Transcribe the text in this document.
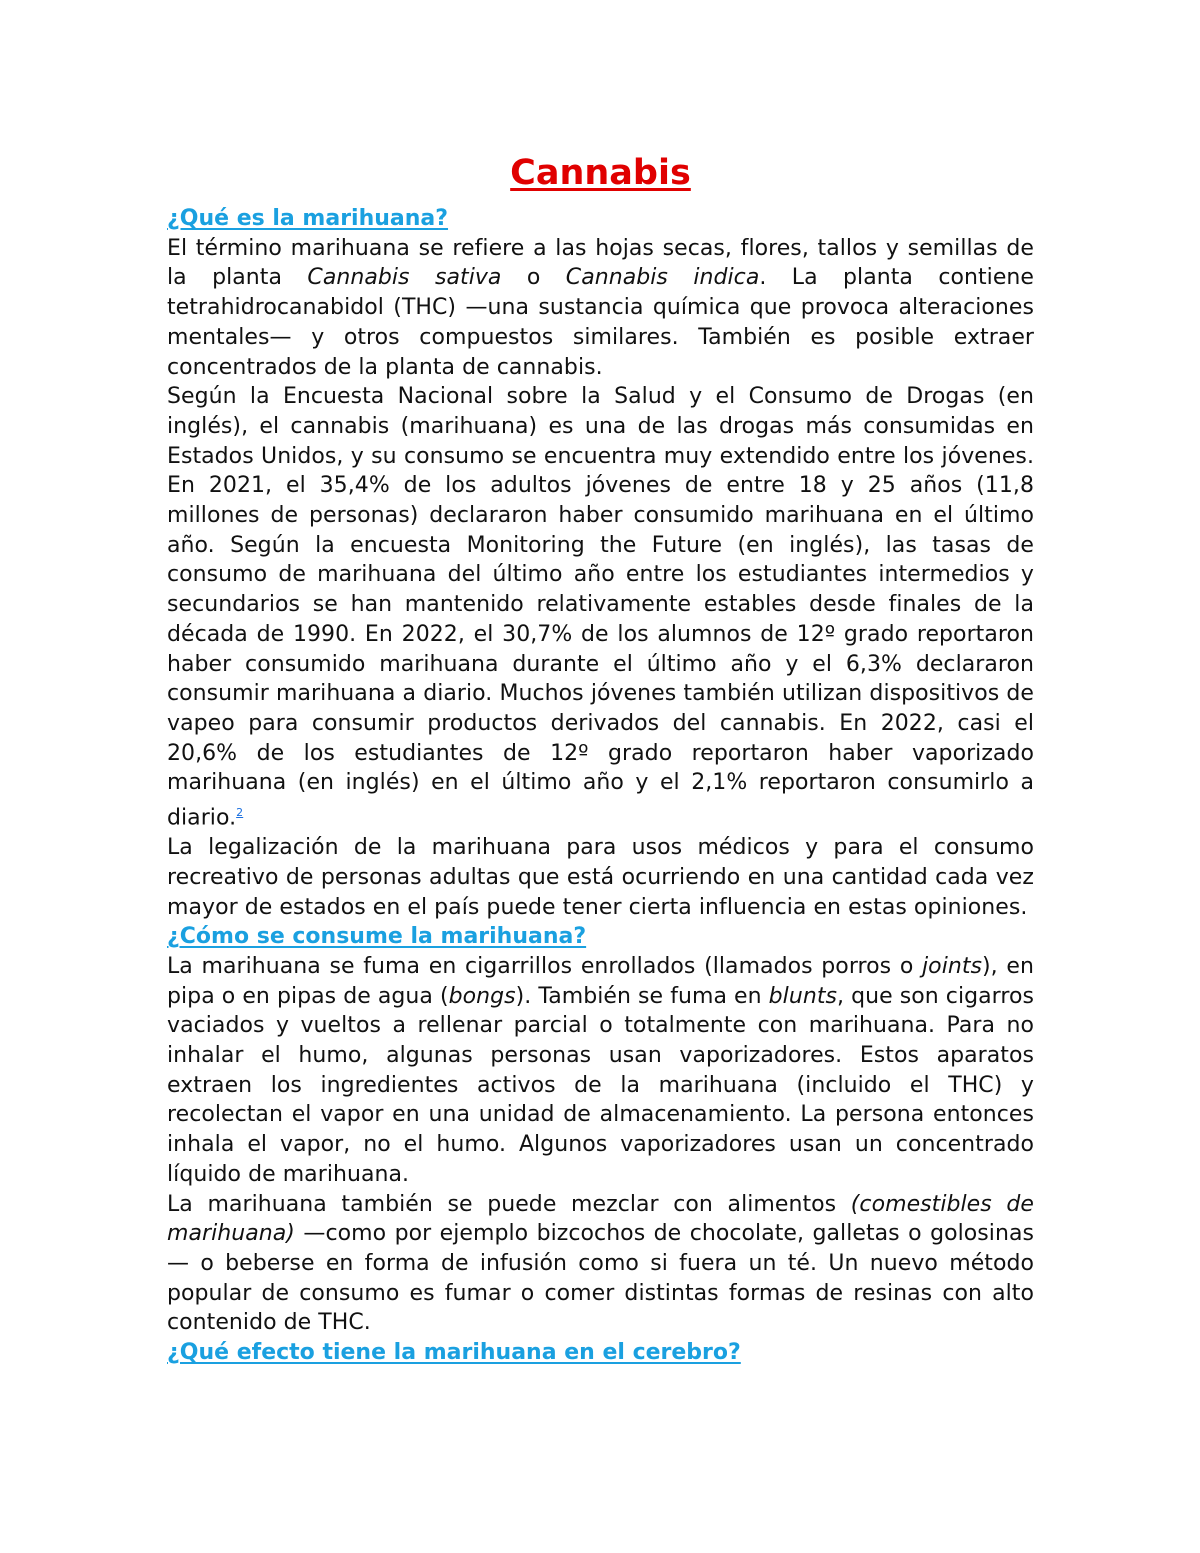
Cannabis
¿Qué es la marihuana?

El término marihuana se refiere a las hojas secas, flores, tallos y semillas de la planta Cannabis sativa o Cannabis indica. La planta contiene tetrahidrocanabidol (THC) —una sustancia química que provoca alteraciones mentales— y otros compuestos similares. También es posible extraer concentrados de la planta de cannabis.

Según la Encuesta Nacional sobre la Salud y el Consumo de Drogas (en inglés), el cannabis (marihuana) es una de las drogas más consumidas en Estados Unidos, y su consumo se encuentra muy extendido entre los jóvenes. En 2021, el 35,4% de los adultos jóvenes de entre 18 y 25 años (11,8 millones de personas) declararon haber consumido marihuana en el último año. Según la encuesta Monitoring the Future (en inglés), las tasas de consumo de marihuana del último año entre los estudiantes intermedios y secundarios se han mantenido relativamente estables desde finales de la década de 1990. En 2022, el 30,7% de los alumnos de 12º grado reportaron haber consumido marihuana durante el último año y el 6,3% declararon consumir marihuana a diario. Muchos jóvenes también utilizan dispositivos de vapeo para consumir productos derivados del cannabis. En 2022, casi el 20,6% de los estudiantes de 12º grado reportaron haber vaporizado marihuana (en inglés) en el último año y el 2,1% reportaron consumirlo a diario.$^2$

La legalización de la marihuana para usos médicos y para el consumo recreativo de personas adultas que está ocurriendo en una cantidad cada vez mayor de estados en el país puede tener cierta influencia en estas opiniones.

¿Cómo se consume la marihuana?

La marihuana se fuma en cigarrillos enrollados (llamados porros o joints), en pipa o en pipas de agua (bongs). También se fuma en blunts, que son cigarros vaciados y vueltos a rellenar parcial o totalmente con marihuana. Para no inhalar el humo, algunas personas usan vaporizadores. Estos aparatos extraen los ingredientes activos de la marihuana (incluido el THC) y recolectan el vapor en una unidad de almacenamiento. La persona entonces inhala el vapor, no el humo. Algunos vaporizadores usan un concentrado líquido de marihuana.

La marihuana también se puede mezclar con alimentos (comestibles de marihuana) —como por ejemplo bizcochos de chocolate, galletas o golosinas— o beberse en forma de infusión como si fuera un té. Un nuevo método popular de consumo es fumar o comer distintas formas de resinas con alto contenido de THC.

¿Qué efecto tiene la marihuana en el cerebro?
